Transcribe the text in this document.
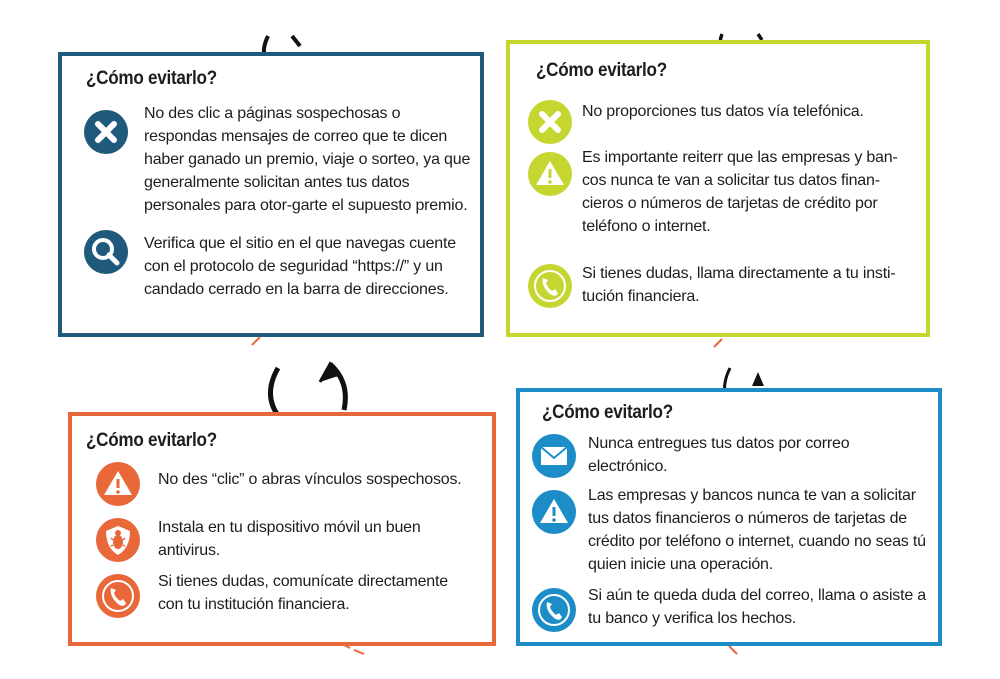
¿Cómo evitarlo?
No des clic a páginas sospechosas o respondas mensajes de correo que te dicen haber ganado un premio, viaje o sorteo, ya que generalmente solicitan antes tus datos personales para otor-garte el supuesto premio.
Verifica que el sitio en el que navegas cuente con el protocolo de seguridad “https://” y un candado cerrado en la barra de direcciones.
¿Cómo evitarlo?
No proporciones tus datos vía telefónica.
Es importante reiterr que las empresas y ban-cos nunca te van a solicitar tus datos finan-cieros o números de tarjetas de crédito por teléfono o internet.
Si tienes dudas, llama directamente a tu insti-tución financiera.
¿Cómo evitarlo?
No des “clic” o abras vínculos sospechosos.
Instala en tu dispositivo móvil un buen antivirus.
Si tienes dudas, comunícate directamente con tu institución financiera.
¿Cómo evitarlo?
Nunca entregues tus datos por correo electrónico.
Las empresas y bancos nunca te van a solicitar tus datos financieros o números de tarjetas de crédito por teléfono o internet, cuando no seas tú quien inicie una operación.
Si aún te queda duda del correo, llama o asiste a tu banco y verifica los hechos.
